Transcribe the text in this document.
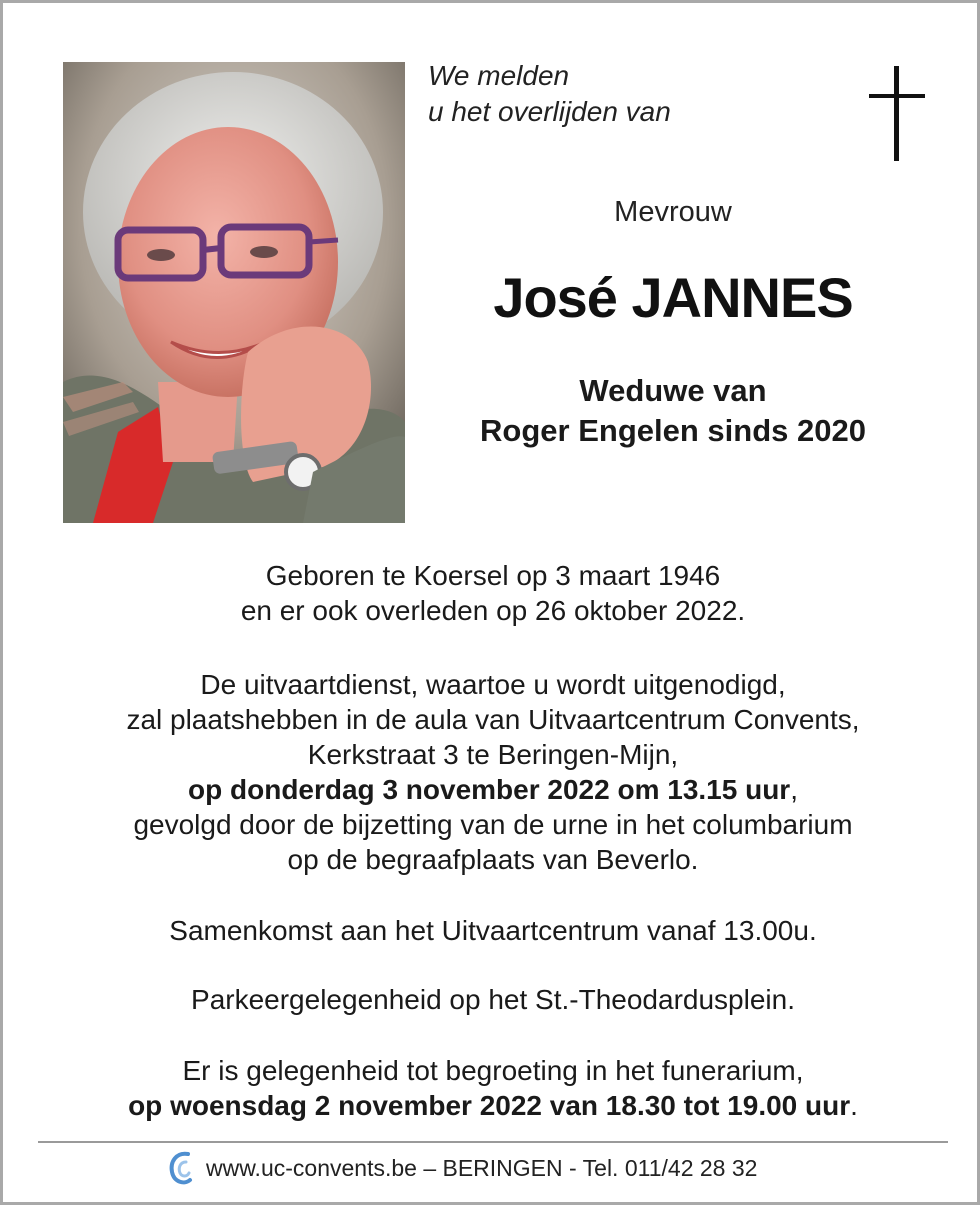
We melden
u het overlijden van
Mevrouw
José JANNES
Weduwe van
Roger Engelen sinds 2020
Geboren te Koersel op 3 maart 1946
en er ook overleden op 26 oktober 2022.
De uitvaartdienst, waartoe u wordt uitgenodigd,
zal plaatshebben in de aula van Uitvaartcentrum Convents,
Kerkstraat 3 te Beringen-Mijn,
op donderdag 3 november 2022 om 13.15 uur,
gevolgd door de bijzetting van de urne in het columbarium
op de begraafplaats van Beverlo.
Samenkomst aan het Uitvaartcentrum vanaf 13.00u.
Parkeergelegenheid op het St.-Theodardusplein.
Er is gelegenheid tot begroeting in het funerarium,
op woensdag 2 november 2022 van 18.30 tot 19.00 uur.
www.uc-convents.be – BERINGEN - Tel. 011/42 28 32
